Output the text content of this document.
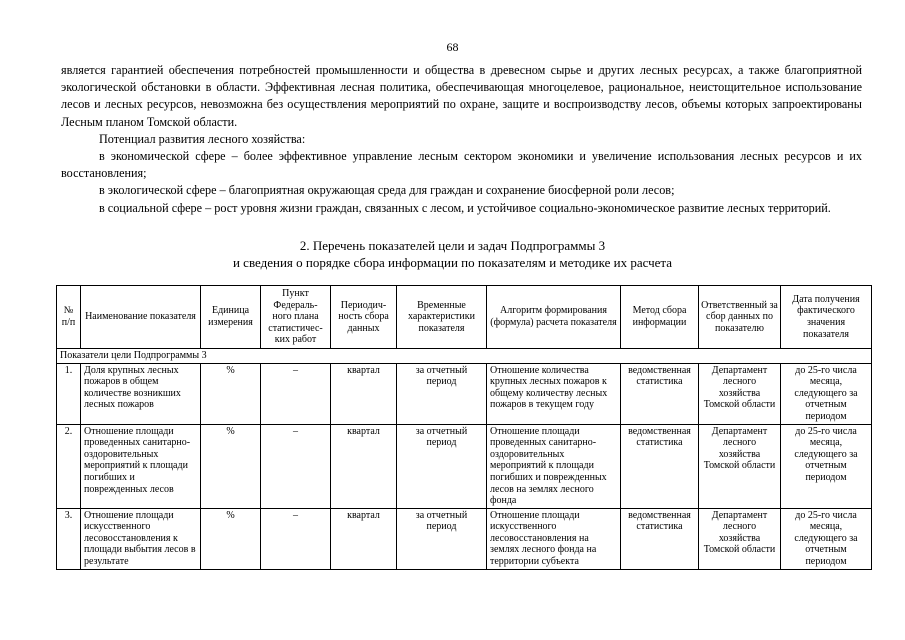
68

является гарантией обеспечения потребностей промышленности и общества в древесном сырье и других лесных ресурсах, а также благоприятной экологической обстановки в области. Эффективная лесная политика, обеспечивающая многоцелевое, рациональное, неистощительное использование лесов и лесных ресурсов, невозможна без осуществления мероприятий по охране, защите и воспроизводству лесов, объемы которых запроектированы Лесным планом Томской области.

Потенциал развития лесного хозяйства:

в экономической сфере – более эффективное управление лесным сектором экономики и увеличение использования лесных ресурсов и их восстановления;

в экологической сфере – благоприятная окружающая среда для граждан и сохранение биосферной роли лесов;

в социальной сфере – рост уровня жизни граждан, связанных с лесом, и устойчивое социально-экономическое развитие лесных территорий.

2. Перечень показателей цели и задач Подпрограммы 3
и сведения о порядке сбора информации по показателям и методике их расчета
№ п/п	Наименование показателя	Единица измерения	Пункт Федераль- ного плана статистичес- ких работ	Периодич- ность сбора данных	Временные характеристики показателя	Алгоритм формирования (формула) расчета показателя	Метод сбора информации	Ответственный за сбор данных по показателю	Дата получения фактического значения показателя
Показатели цели Подпрограммы 3									
1.	Доля крупных лесных пожаров в общем количестве возникших лесных пожаров	%	–	квартал	за отчетный период	Отношение количества крупных лесных пожаров к общему количеству лесных пожаров в текущем году	ведомственная статистика	Департамент лесного хозяйства Томской области	до 25-го числа месяца, следующего за отчетным периодом
2.	Отношение площади проведенных санитарно-оздоровительных мероприятий к площади погибших и поврежденных лесов	%	–	квартал	за отчетный период	Отношение площади проведенных санитарно-оздоровительных мероприятий к площади погибших и поврежденных лесов на землях лесного фонда	ведомственная статистика	Департамент лесного хозяйства Томской области	до 25-го числа месяца, следующего за отчетным периодом
3.	Отношение площади искусственного лесовосстановления к площади выбытия лесов в результате	%	–	квартал	за отчетный период	Отношение площади искусственного лесовосстановления на землях лесного фонда на территории субъекта	ведомственная статистика	Департамент лесного хозяйства Томской области	до 25-го числа месяца, следующего за отчетным периодом
